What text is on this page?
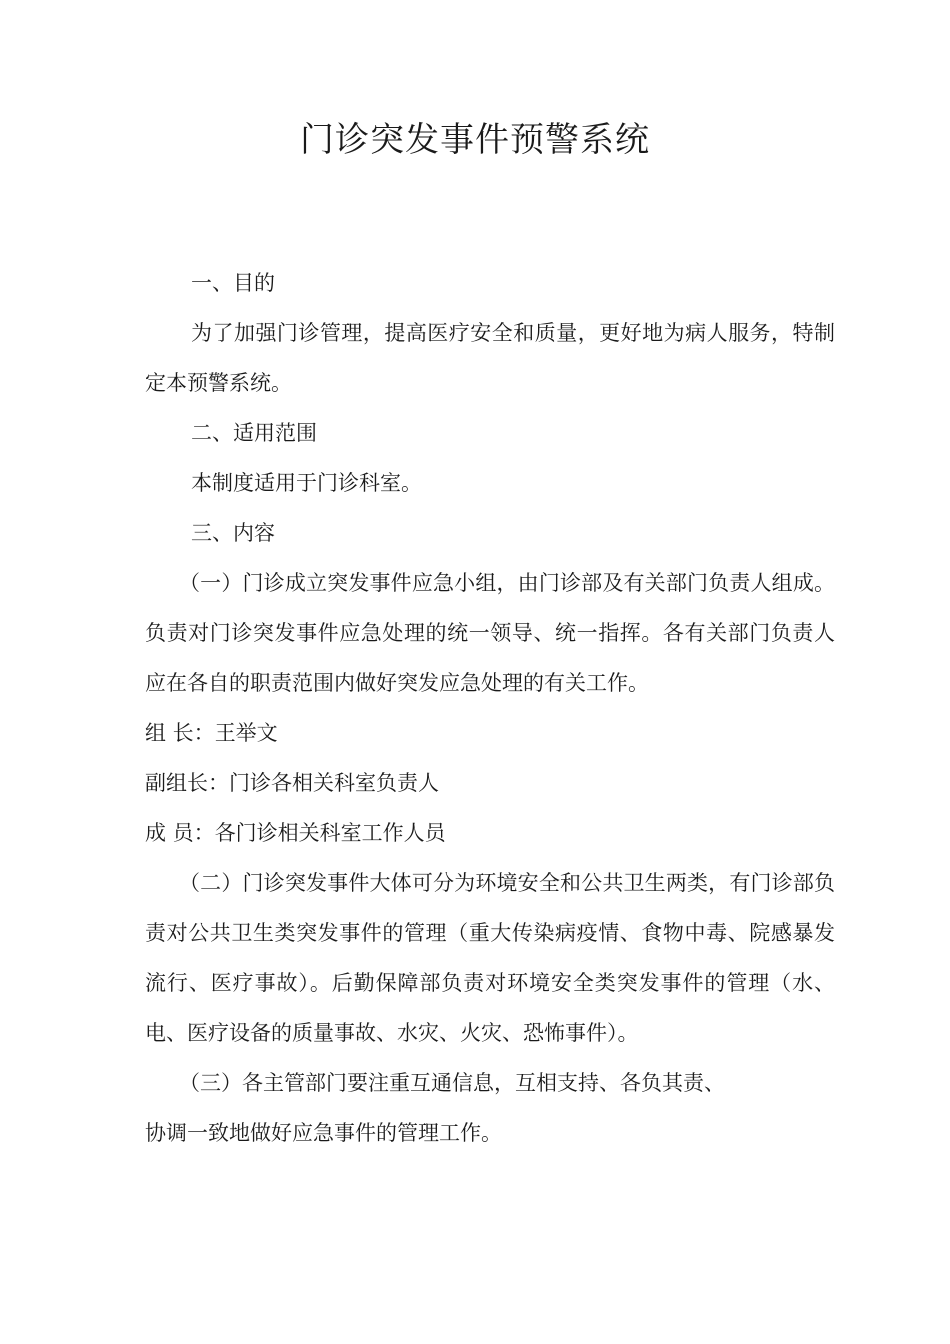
门诊突发事件预警系统

一、目的

为了加强门诊管理，提高医疗安全和质量，更好地为病人服务，特制定本预警系统。

二、适用范围

本制度适用于门诊科室。

三、内容

（一）门诊成立突发事件应急小组，由门诊部及有关部门负责人组成。负责对门诊突发事件应急处理的统一领导、统一指挥。各有关部门负责人应在各自的职责范围内做好突发应急处理的有关工作。

组 长：王举文

副组长：门诊各相关科室负责人

成 员：各门诊相关科室工作人员

（二）门诊突发事件大体可分为环境安全和公共卫生两类，有门诊部负责对公共卫生类突发事件的管理（重大传染病疫情、食物中毒、院感暴发流行、医疗事故）。后勤保障部负责对环境安全类突发事件的管理（水、电、医疗设备的质量事故、水灾、火灾、恐怖事件）。

（三）各主管部门要注重互通信息，互相支持、各负其责、

协调一致地做好应急事件的管理工作。
